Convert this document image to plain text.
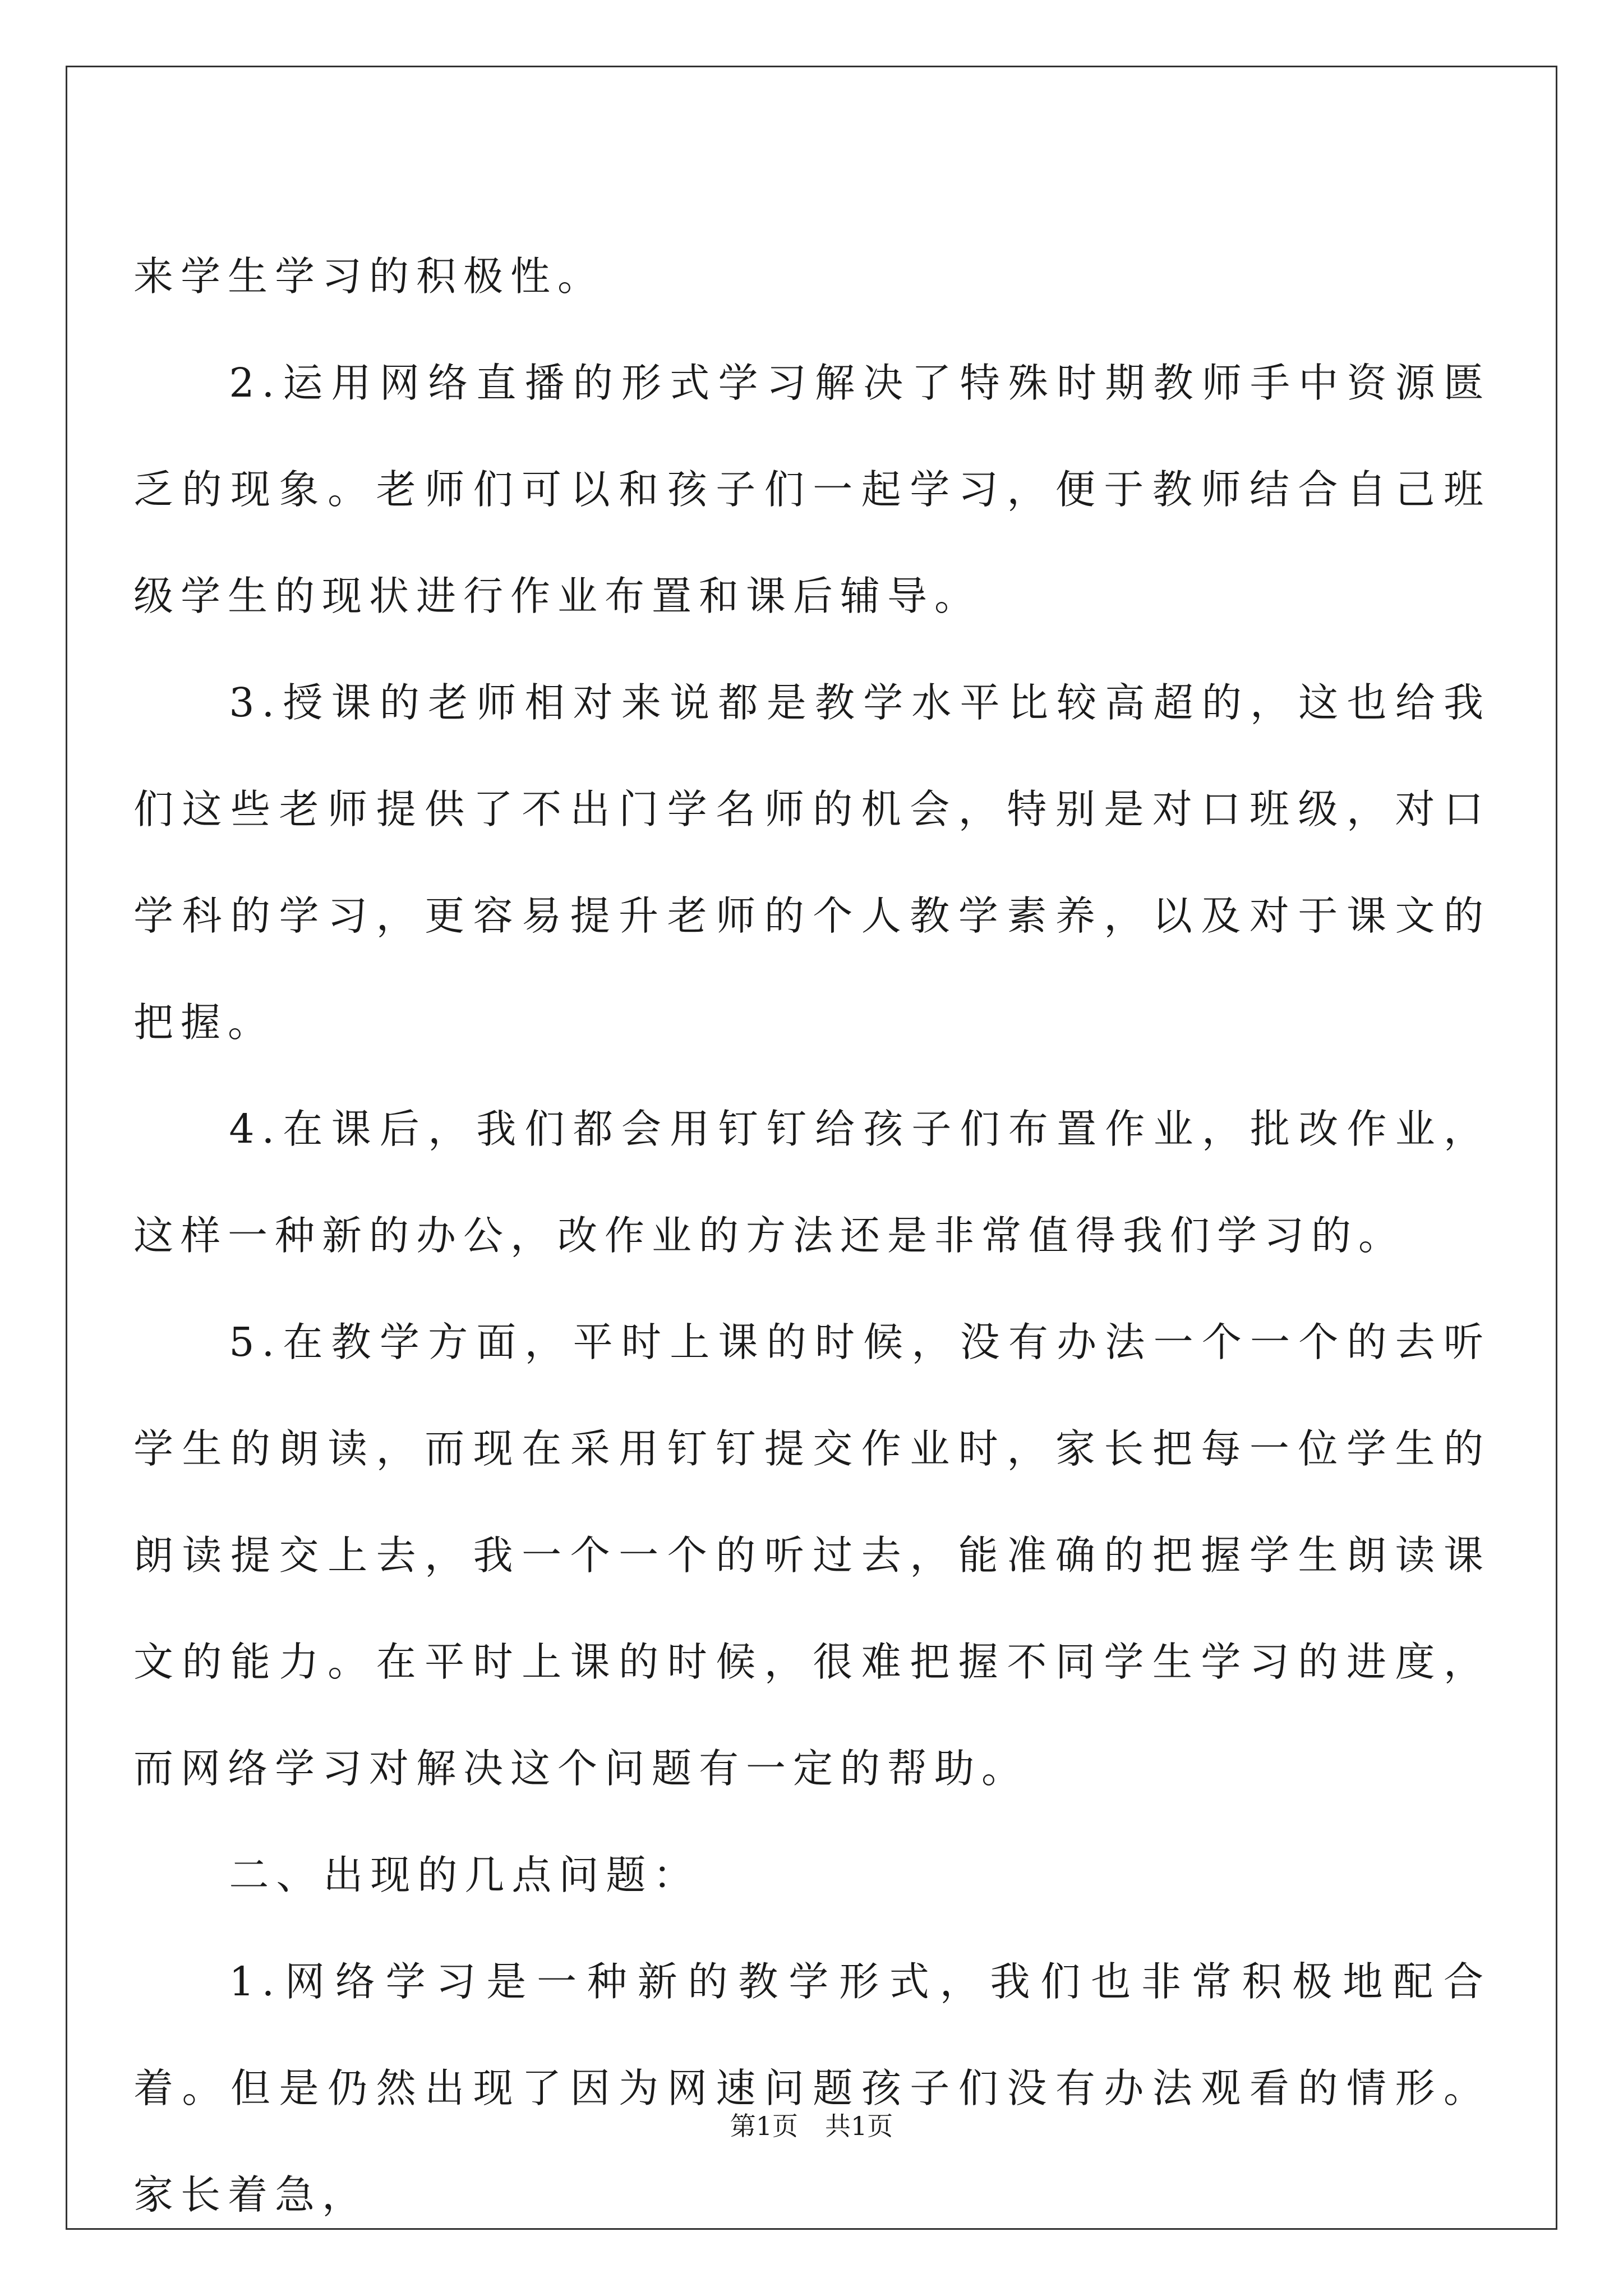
来学生学习的积极性。

2.运用网络直播的形式学习解决了特殊时期教师手中资源匮乏的现象。老师们可以和孩子们一起学习，便于教师结合自己班级学生的现状进行作业布置和课后辅导。

3.授课的老师相对来说都是教学水平比较高超的，这也给我们这些老师提供了不出门学名师的机会，特别是对口班级，对口学科的学习，更容易提升老师的个人教学素养，以及对于课文的把握。

4.在课后，我们都会用钉钉给孩子们布置作业，批改作业，这样一种新的办公，改作业的方法还是非常值得我们学习的。

5.在教学方面，平时上课的时候，没有办法一个一个的去听学生的朗读，而现在采用钉钉提交作业时，家长把每一位学生的朗读提交上去，我一个一个的听过去，能准确的把握学生朗读课文的能力。在平时上课的时候，很难把握不同学生学习的进度，而网络学习对解决这个问题有一定的帮助。

二、出现的几点问题：

1.网络学习是一种新的教学形式，我们也非常积极地配合着。但是仍然出现了因为网速问题孩子们没有办法观看的情形。家长着急，

第1页 共1页
